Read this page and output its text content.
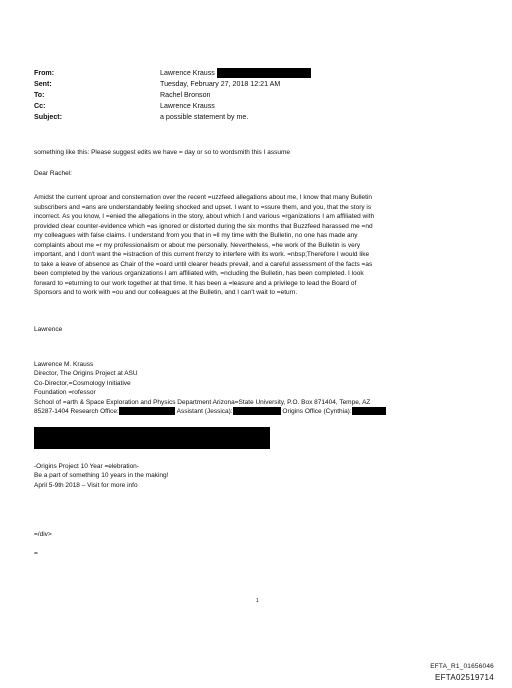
From:	Lawrence Krauss
Sent:	Tuesday, February 27, 2018 12:21 AM
To:	Rachel Bronson
Cc:	Lawrence Krauss
Subject:	a possible statement by me.
something like this: Please suggest edits we have = day or so to wordsmith this I assume
Dear Rachel:
Amidst the current uproar and consternation over the recent =uzzfeed allegations about me, I know that many Bulletin
subscribers and =ans are understandably feeling shocked and upset. I want to =ssure them, and you, that the story is
incorrect. As you know, I =enied the allegations in the story, about which I and various =rganizations I am affiliated with
provided clear counter-evidence which =as ignored or distorted during the six months that Buzzfeed harassed me =nd
my colleagues with false claims. I understand from you that in =ll my time with the Bulletin, no one has made any
complaints about me =r my professionalism or about me personally. Nevertheless, =he work of the Bulletin is very
important, and I don't want the =istraction of this current frenzy to interfere with its work. =nbsp;Therefore I would like
to take a leave of absence as Chair of the =oard until clearer heads prevail, and a careful assessment of the facts =as
been completed by the various organizations I am affiliated with, =ncluding the Bulletin, has been completed. I look
forward to =eturning to our work together at that time. It has been a =leasure and a privilege to lead the Board of
Sponsors and to work with =ou and our colleagues at the Bulletin, and I can't wait to =eturn.
Lawrence
Lawrence M. Krauss
Director, The Origins Project at ASU
Co-Director,=Cosmology Initiative
Foundation =rofessor
School of =arth & Space Exploration and Physics Department Arizona=State University, P.O. Box 871404, Tempe, AZ
85287-1404 Research Office:	Assistant (Jessica):	Origins Office (Cynthia):
-Origins Project 10 Year =elebration-
Be a part of something 10 years in the making!
April 5-9th 2018 – Visit for more info
=/div>
=
1
EFTA_R1_01656046
EFTA02519714
